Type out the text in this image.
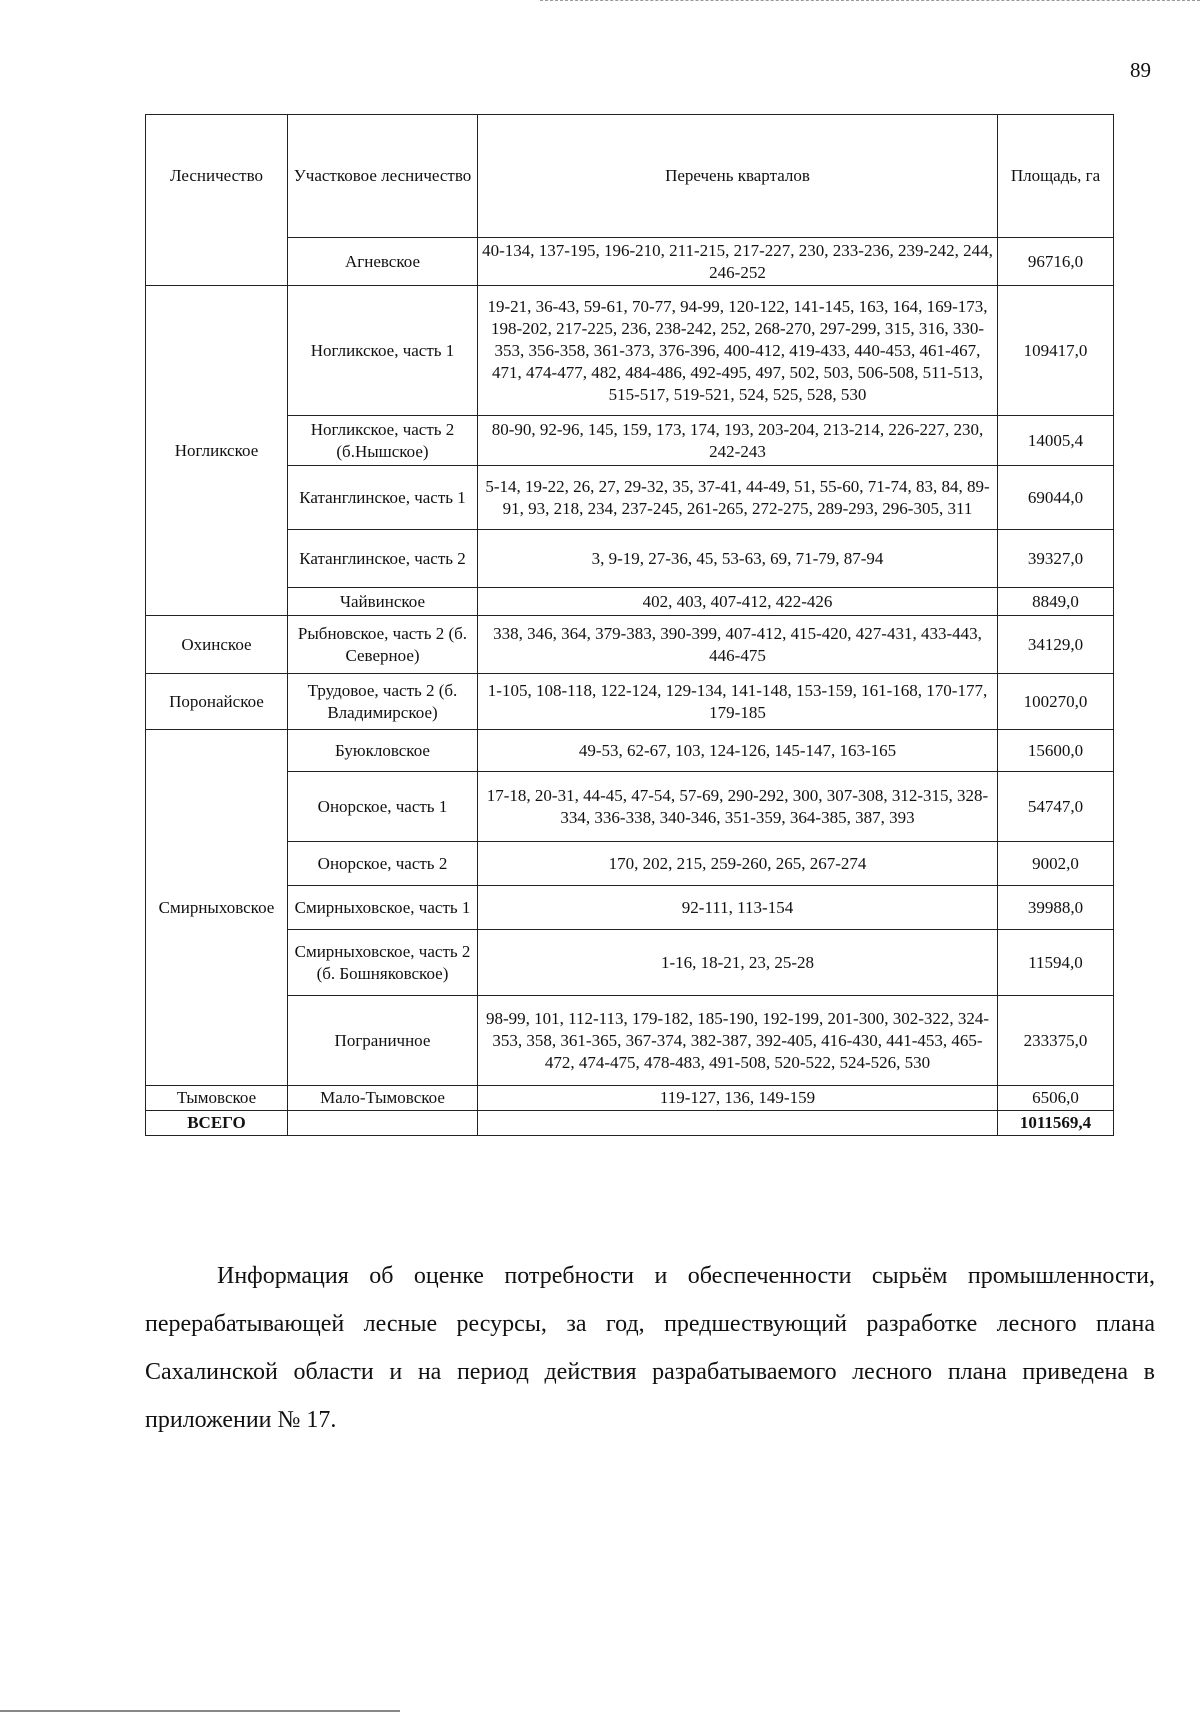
89
Лесничество	Участковое лесничество	Перечень кварталов	Площадь, га
	Агневское	40-134, 137-195, 196-210, 211-215, 217-227, 230, 233-236, 239-242, 244, 246-252	96716,0
Ногликское	Ногликское, часть 1	19-21, 36-43, 59-61, 70-77, 94-99, 120-122, 141-145, 163, 164, 169-173, 198-202, 217-225, 236, 238-242, 252, 268-270, 297-299, 315, 316, 330-353, 356-358, 361-373, 376-396, 400-412, 419-433, 440-453, 461-467, 471, 474-477, 482, 484-486, 492-495, 497, 502, 503, 506-508, 511-513, 515-517, 519-521, 524, 525, 528, 530	109417,0
	Ногликское, часть 2 (б.Нышское)	80-90, 92-96, 145, 159, 173, 174, 193, 203-204, 213-214, 226-227, 230, 242-243	14005,4
	Катанглинское, часть 1	5-14, 19-22, 26, 27, 29-32, 35, 37-41, 44-49, 51, 55-60, 71-74, 83, 84, 89-91, 93, 218, 234, 237-245, 261-265, 272-275, 289-293, 296-305, 311	69044,0
	Катанглинское, часть 2	3, 9-19, 27-36, 45, 53-63, 69, 71-79, 87-94	39327,0
	Чайвинское	402, 403, 407-412, 422-426	8849,0
Охинское	Рыбновское, часть 2 (б. Северное)	338, 346, 364, 379-383, 390-399, 407-412, 415-420, 427-431, 433-443, 446-475	34129,0
Поронайское	Трудовое, часть 2 (б. Владимирское)	1-105, 108-118, 122-124, 129-134, 141-148, 153-159, 161-168, 170-177, 179-185	100270,0
Смирныховское	Буюкловское	49-53, 62-67, 103, 124-126, 145-147, 163-165	15600,0
	Онорское, часть 1	17-18, 20-31, 44-45, 47-54, 57-69, 290-292, 300, 307-308, 312-315, 328-334, 336-338, 340-346, 351-359, 364-385, 387, 393	54747,0
	Онорское, часть 2	170, 202, 215, 259-260, 265, 267-274	9002,0
	Смирныховское, часть 1	92-111, 113-154	39988,0
	Смирныховское, часть 2 (б. Бошняковское)	1-16, 18-21, 23, 25-28	11594,0
	Пограничное	98-99, 101, 112-113, 179-182, 185-190, 192-199, 201-300, 302-322, 324-353, 358, 361-365, 367-374, 382-387, 392-405, 416-430, 441-453, 465-472, 474-475, 478-483, 491-508, 520-522, 524-526, 530	233375,0
Тымовское	Мало-Тымовское	119-127, 136, 149-159	6506,0
ВСЕГО			1011569,4
Информация об оценке потребности и обеспеченности сырьём промышленности, перерабатывающей лесные ресурсы, за год, предшествующий разработке лесного плана Сахалинской области и на период действия разрабатываемого лесного плана приведена в приложении № 17.
